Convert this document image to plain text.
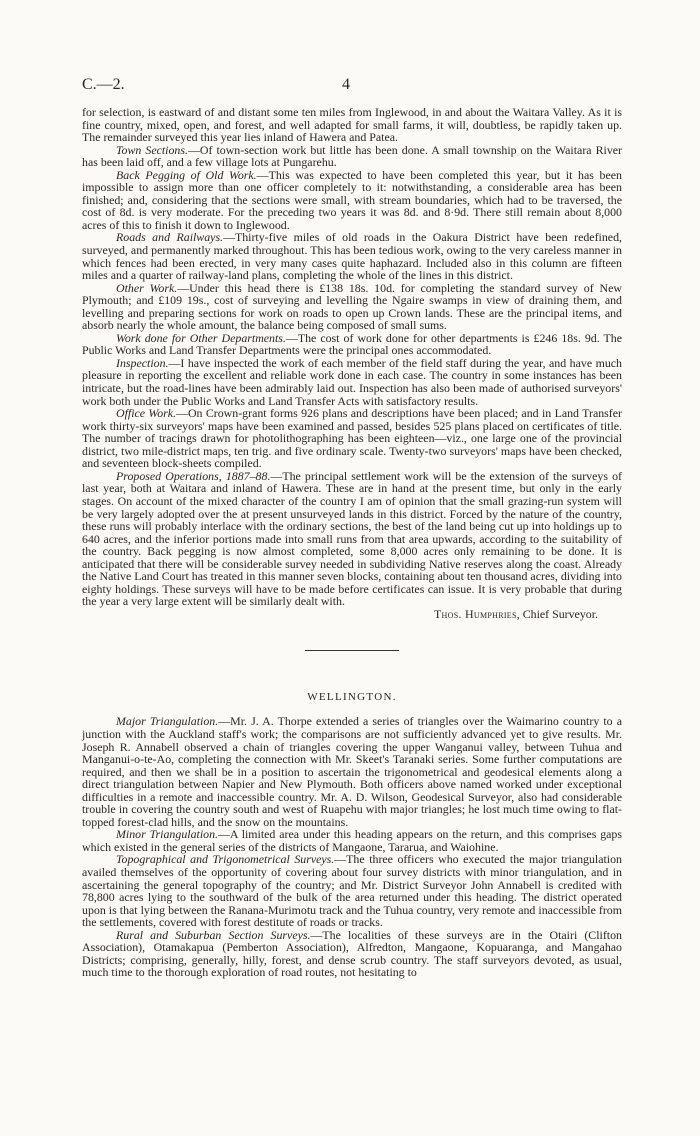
C.—2.	4

for selection, is eastward of and distant some ten miles from Inglewood, in and about the Waitara Valley. As it is fine country, mixed, open, and forest, and well adapted for small farms, it will, doubtless, be rapidly taken up. The remainder surveyed this year lies inland of Hawera and Patea.

Town Sections.—Of town-section work but little has been done. A small township on the Waitara River has been laid off, and a few village lots at Pungarehu.

Back Pegging of Old Work.—This was expected to have been completed this year, but it has been impossible to assign more than one officer completely to it: notwithstanding, a considerable area has been finished; and, considering that the sections were small, with stream boundaries, which had to be traversed, the cost of 8d. is very moderate. For the preceding two years it was 8d. and 8·9d. There still remain about 8,000 acres of this to finish it down to Inglewood.

Roads and Railways.—Thirty-five miles of old roads in the Oakura District have been redefined, surveyed, and permanently marked throughout. This has been tedious work, owing to the very careless manner in which fences had been erected, in very many cases quite haphazard. Included also in this column are fifteen miles and a quarter of railway-land plans, completing the whole of the lines in this district.

Other Work.—Under this head there is £138 18s. 10d. for completing the standard survey of New Plymouth; and £109 19s., cost of surveying and levelling the Ngaire swamps in view of draining them, and levelling and preparing sections for work on roads to open up Crown lands. These are the principal items, and absorb nearly the whole amount, the balance being composed of small sums.

Work done for Other Departments.—The cost of work done for other departments is £246 18s. 9d. The Public Works and Land Transfer Departments were the principal ones accommodated.

Inspection.—I have inspected the work of each member of the field staff during the year, and have much pleasure in reporting the excellent and reliable work done in each case. The country in some instances has been intricate, but the road-lines have been admirably laid out. Inspection has also been made of authorised surveyors' work both under the Public Works and Land Transfer Acts with satisfactory results.

Office Work.—On Crown-grant forms 926 plans and descriptions have been placed; and in Land Transfer work thirty-six surveyors' maps have been examined and passed, besides 525 plans placed on certificates of title. The number of tracings drawn for photolithographing has been eighteen—viz., one large one of the provincial district, two mile-district maps, ten trig. and five ordinary scale. Twenty-two surveyors' maps have been checked, and seventeen block-sheets compiled.

Proposed Operations, 1887–88.—The principal settlement work will be the extension of the surveys of last year, both at Waitara and inland of Hawera. These are in hand at the present time, but only in the early stages. On account of the mixed character of the country I am of opinion that the small grazing-run system will be very largely adopted over the at present unsurveyed lands in this district. Forced by the nature of the country, these runs will probably interlace with the ordinary sections, the best of the land being cut up into holdings up to 640 acres, and the inferior portions made into small runs from that area upwards, according to the suitability of the country. Back pegging is now almost completed, some 8,000 acres only remaining to be done. It is anticipated that there will be considerable survey needed in subdividing Native reserves along the coast. Already the Native Land Court has treated in this manner seven blocks, containing about ten thousand acres, dividing into eighty holdings. These surveys will have to be made before certificates can issue. It is very probable that during the year a very large extent will be similarly dealt with.

Thos. Humphries, Chief Surveyor.

WELLINGTON.

Major Triangulation.—Mr. J. A. Thorpe extended a series of triangles over the Waimarino country to a junction with the Auckland staff's work; the comparisons are not sufficiently advanced yet to give results. Mr. Joseph R. Annabell observed a chain of triangles covering the upper Wanganui valley, between Tuhua and Manganui-o-te-Ao, completing the connection with Mr. Skeet's Taranaki series. Some further computations are required, and then we shall be in a position to ascertain the trigonometrical and geodesical elements along a direct triangulation between Napier and New Plymouth. Both officers above named worked under exceptional difficulties in a remote and inaccessible country. Mr. A. D. Wilson, Geodesical Surveyor, also had considerable trouble in covering the country south and west of Ruapehu with major triangles; he lost much time owing to flat-topped forest-clad hills, and the snow on the mountains.

Minor Triangulation.—A limited area under this heading appears on the return, and this comprises gaps which existed in the general series of the districts of Mangaone, Tararua, and Waiohine.

Topographical and Trigonometrical Surveys.—The three officers who executed the major triangulation availed themselves of the opportunity of covering about four survey districts with minor triangulation, and in ascertaining the general topography of the country; and Mr. District Surveyor John Annabell is credited with 78,800 acres lying to the southward of the bulk of the area returned under this heading. The district operated upon is that lying between the Ranana-Murimotu track and the Tuhua country, very remote and inaccessible from the settlements, covered with forest destitute of roads or tracks.

Rural and Suburban Section Surveys.—The localities of these surveys are in the Otairi (Clifton Association), Otamakapua (Pemberton Association), Alfredton, Mangaone, Kopuaranga, and Mangahao Districts; comprising, generally, hilly, forest, and dense scrub country. The staff surveyors devoted, as usual, much time to the thorough exploration of road routes, not hesitating to
